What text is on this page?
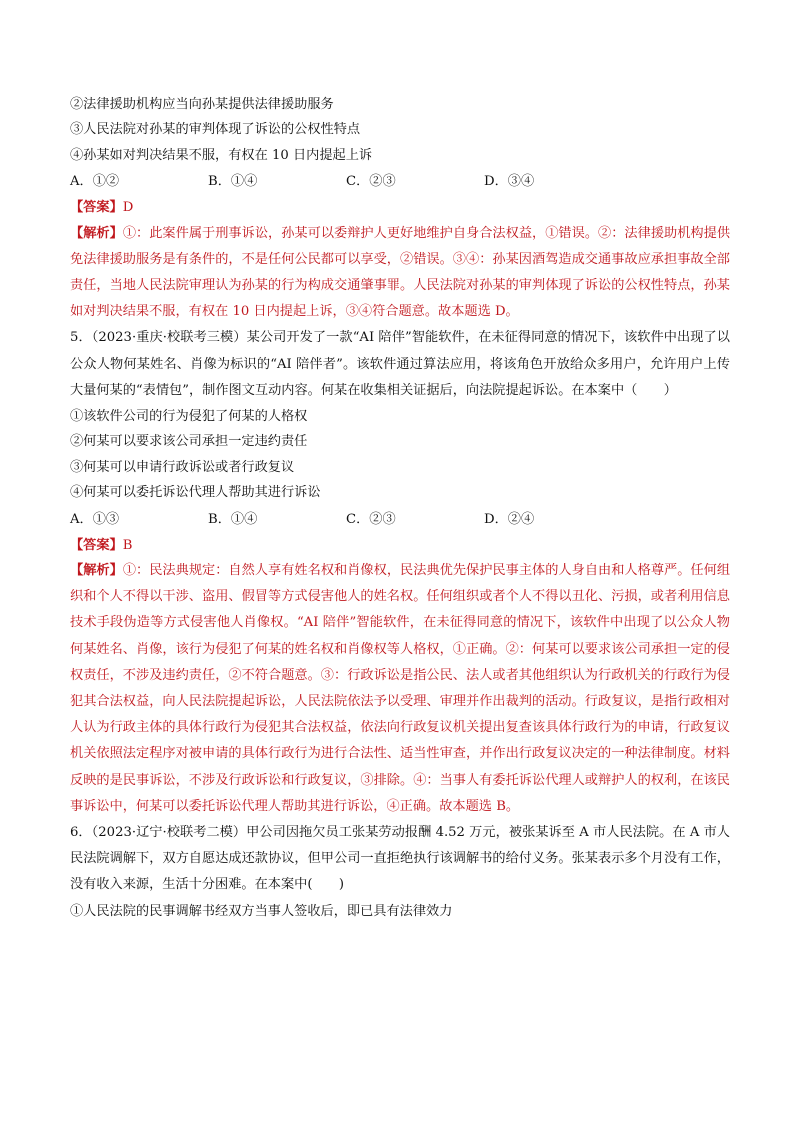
②法律援助机构应当向孙某提供法律援助服务
③人民法院对孙某的审判体现了诉讼的公权性特点
④孙某如对判决结果不服，有权在 10 日内提起上诉
A．①②	B．①④	C．②③	D．③④
【答案】D
【解析】①：此案件属于刑事诉讼，孙某可以委辩护人更好地维护自身合法权益，①错误。②：法律援助机构提供免法律援助服务是有条件的，不是任何公民都可以享受，②错误。③④：孙某因酒驾造成交通事故应承担事故全部责任，当地人民法院审理认为孙某的行为构成交通肇事罪。人民法院对孙某的审判体现了诉讼的公权性特点，孙某如对判决结果不服，有权在 10 日内提起上诉，③④符合题意。故本题选 D。
5．（2023·重庆·校联考三模）某公司开发了一款“AI 陪伴”智能软件，在未征得同意的情况下，该软件中出现了以公众人物何某姓名、肖像为标识的“AI 陪伴者”。该软件通过算法应用，将该角色开放给众多用户，允许用户上传大量何某的“表情包”，制作图文互动内容。何某在收集相关证据后，向法院提起诉讼。在本案中（　　）
①该软件公司的行为侵犯了何某的人格权
②何某可以要求该公司承担一定违约责任
③何某可以申请行政诉讼或者行政复议
④何某可以委托诉讼代理人帮助其进行诉讼
A．①③	B．①④	C．②③	D．②④
【答案】B
【解析】①：民法典规定：自然人享有姓名权和肖像权，民法典优先保护民事主体的人身自由和人格尊严。任何组织和个人不得以干涉、盗用、假冒等方式侵害他人的姓名权。任何组织或者个人不得以丑化、污损，或者利用信息技术手段伪造等方式侵害他人肖像权。“AI 陪伴”智能软件，在未征得同意的情况下，该软件中出现了以公众人物何某姓名、肖像，该行为侵犯了何某的姓名权和肖像权等人格权，①正确。②：何某可以要求该公司承担一定的侵权责任，不涉及违约责任，②不符合题意。③：行政诉讼是指公民、法人或者其他组织认为行政机关的行政行为侵犯其合法权益，向人民法院提起诉讼，人民法院依法予以受理、审理并作出裁判的活动。行政复议，是指行政相对人认为行政主体的具体行政行为侵犯其合法权益，依法向行政复议机关提出复查该具体行政行为的申请，行政复议机关依照法定程序对被申请的具体行政行为进行合法性、适当性审查，并作出行政复议决定的一种法律制度。材料反映的是民事诉讼，不涉及行政诉讼和行政复议，③排除。④：当事人有委托诉讼代理人或辩护人的权利，在该民事诉讼中，何某可以委托诉讼代理人帮助其进行诉讼，④正确。故本题选 B。
6．（2023·辽宁·校联考二模）甲公司因拖欠员工张某劳动报酬 4.52 万元，被张某诉至 A 市人民法院。在 A 市人民法院调解下，双方自愿达成还款协议，但甲公司一直拒绝执行该调解书的给付义务。张某表示多个月没有工作，没有收入来源，生活十分困难。在本案中(　　)
①人民法院的民事调解书经双方当事人签收后，即已具有法律效力
